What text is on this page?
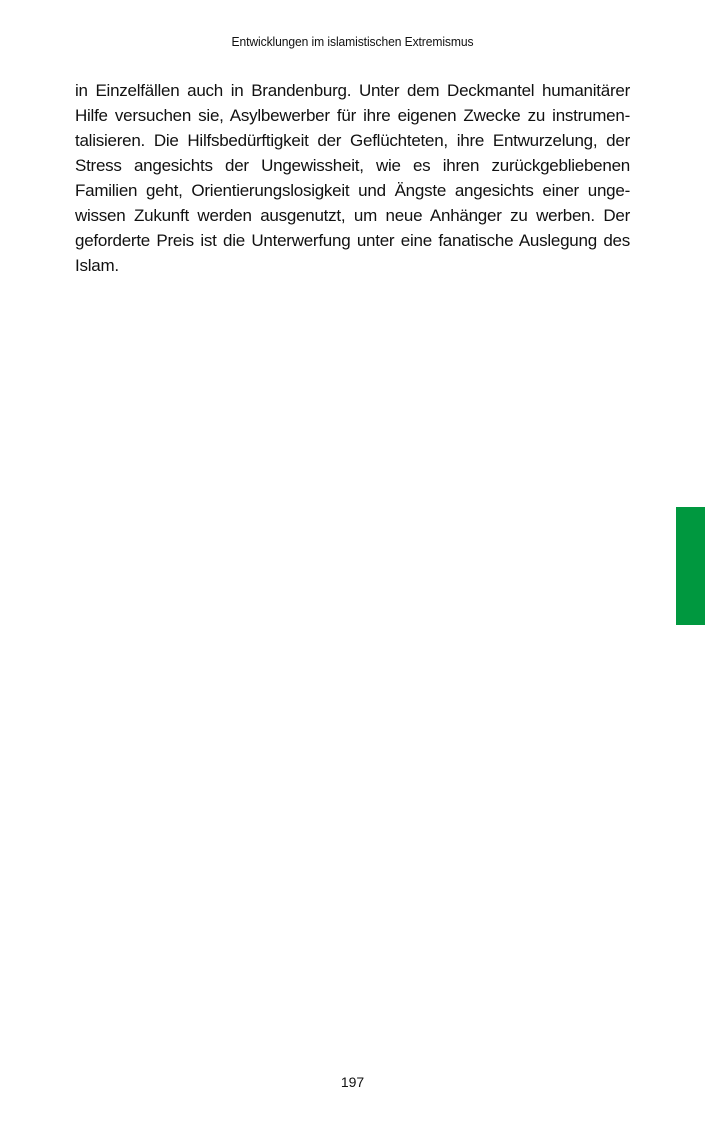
Entwicklungen im islamistischen Extremismus
in Einzelfällen auch in Brandenburg. Unter dem Deckmantel humanitärer
Hilfe versuchen sie, Asylbewerber für ihre eigenen Zwecke zu instrumen-
talisieren. Die Hilfsbedürftigkeit der Geflüchteten, ihre Entwurzelung, der
Stress angesichts der Ungewissheit, wie es ihren zurückgebliebenen
Familien geht, Orientierungslosigkeit und Ängste angesichts einer unge-
wissen Zukunft werden ausgenutzt, um neue Anhänger zu werben. Der
geforderte Preis ist die Unterwerfung unter eine fanatische Auslegung des
Islam.
197
